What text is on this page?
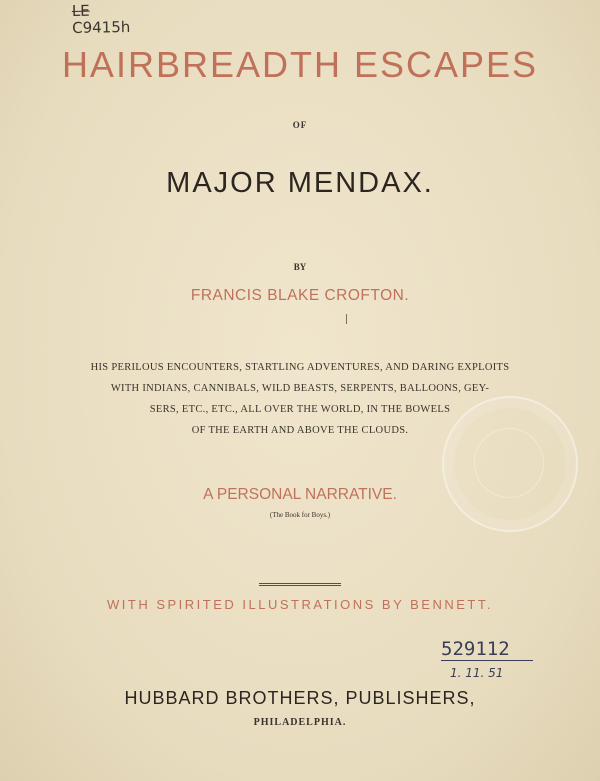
LE
C9415h
HAIRBREADTH ESCAPES
OF
MAJOR MENDAX.
BY
FRANCIS BLAKE CROFTON.
HIS PERILOUS ENCOUNTERS, STARTLING ADVENTURES, AND DARING EXPLOITS
WITH INDIANS, CANNIBALS, WILD BEASTS, SERPENTS, BALLOONS, GEY-
SERS, ETC., ETC., ALL OVER THE WORLD, IN THE BOWELS
OF THE EARTH AND ABOVE THE CLOUDS.
A PERSONAL NARRATIVE.
(The Book for Boys.)
WITH SPIRITED ILLUSTRATIONS BY BENNETT.
529112
1. 11. 51
HUBBARD BROTHERS, PUBLISHERS,
PHILADELPHIA.
